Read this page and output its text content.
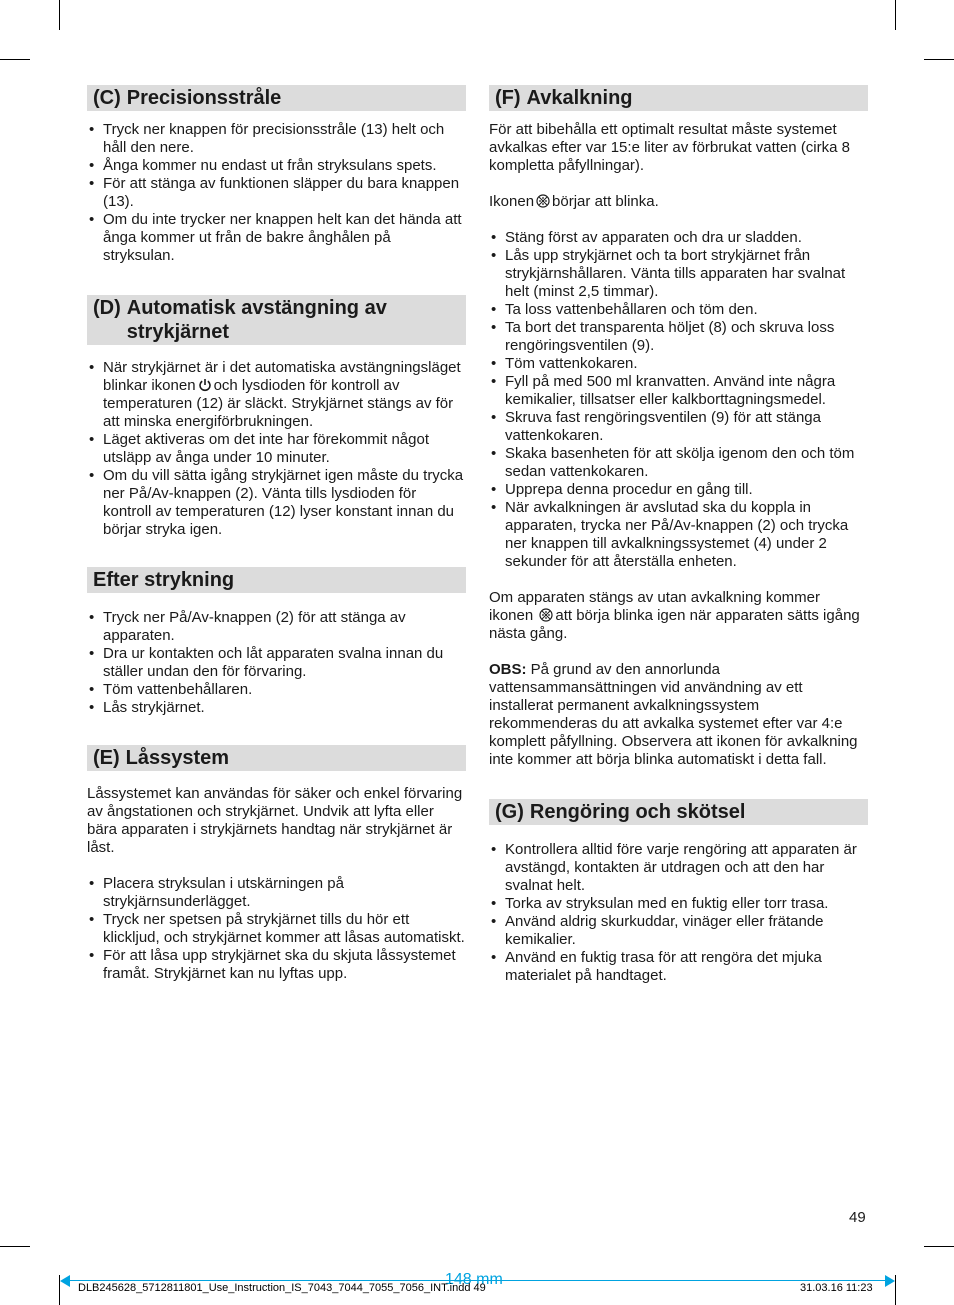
(C) Precisionsstråle
• Tryck ner knappen för precisionsstråle (13) helt och håll den nere.
• Ånga kommer nu endast ut från stryksulans spets.
• För att stänga av funktionen släpper du bara knappen (13).
• Om du inte trycker ner knappen helt kan det hända att ånga kommer ut från de bakre ånghålen på stryksulan.
(D) Automatisk avstängning av strykjärnet
• När strykjärnet är i det automatiska avstängningsläget blinkar ikonen och lysdioden för kontroll av temperaturen (12) är släckt. Strykjärnet stängs av för att minska energiförbrukningen.
• Läget aktiveras om det inte har förekommit något utsläpp av ånga under 10 minuter.
• Om du vill sätta igång strykjärnet igen måste du trycka ner På/Av-knappen (2). Vänta tills lysdioden för kontroll av temperaturen (12) lyser konstant innan du börjar stryka igen.
Efter strykning
• Tryck ner På/Av-knappen (2) för att stänga av apparaten.
• Dra ur kontakten och låt apparaten svalna innan du ställer undan den för förvaring.
• Töm vattenbehållaren.
• Lås strykjärnet.
(E) Låssystem

Låssystemet kan användas för säker och enkel förvaring av ångstationen och strykjärnet. Undvik att lyfta eller bära apparaten i strykjärnets handtag när strykjärnet är låst.

• Placera stryksulan i utskärningen på strykjärnsunderlägget.
• Tryck ner spetsen på strykjärnet tills du hör ett klickljud, och strykjärnet kommer att låsas automatiskt.
• För att låsa upp strykjärnet ska du skjuta låssystemet framåt. Strykjärnet kan nu lyftas upp.
(F) Avkalkning

För att bibehålla ett optimalt resultat måste systemet avkalkas efter var 15:e liter av förbrukat vatten (cirka 8 kompletta påfyllningar).

Ikonen börjar att blinka.

• Stäng först av apparaten och dra ur sladden.
• Lås upp strykjärnet och ta bort strykjärnet från strykjärnshållaren. Vänta tills apparaten har svalnat helt (minst 2,5 timmar).
• Ta loss vattenbehållaren och töm den.
• Ta bort det transparenta höljet (8) och skruva loss rengöringsventilen (9).
• Töm vattenkokaren.
• Fyll på med 500 ml kranvatten. Använd inte några kemikalier, tillsatser eller kalkborttagningsmedel.
• Skruva fast rengöringsventilen (9) för att stänga vattenkokaren.
• Skaka basenheten för att skölja igenom den och töm sedan vattenkokaren.
• Upprepa denna procedur en gång till.
• När avkalkningen är avslutad ska du koppla in apparaten, trycka ner På/Av-knappen (2) och trycka ner knappen till avkalkningssystemet (4) under 2 sekunder för att återställa enheten.

Om apparaten stängs av utan avkalkning kommer ikonen att börja blinka igen när apparaten sätts igång nästa gång.

OBS: På grund av den annorlunda vattensammansättningen vid användning av ett installerat permanent avkalkningssystem rekommenderas du att avkalka systemet efter var 4:e komplett påfyllning. Observera att ikonen för avkalkning inte kommer att börja blinka automatiskt i detta fall.

(G) Rengöring och skötsel
• Kontrollera alltid före varje rengöring att apparaten är avstängd, kontakten är utdragen och att den har svalnat helt.
• Torka av stryksulan med en fuktig eller torr trasa.
• Använd aldrig skurkuddar, vinäger eller frätande kemikalier.
• Använd en fuktig trasa för att rengöra det mjuka materialet på handtaget.
49
148 mm
DLB245628_5712811801_Use_Instruction_IS_7043_7044_7055_7056_INT.indd 49	31.03.16 11:23
